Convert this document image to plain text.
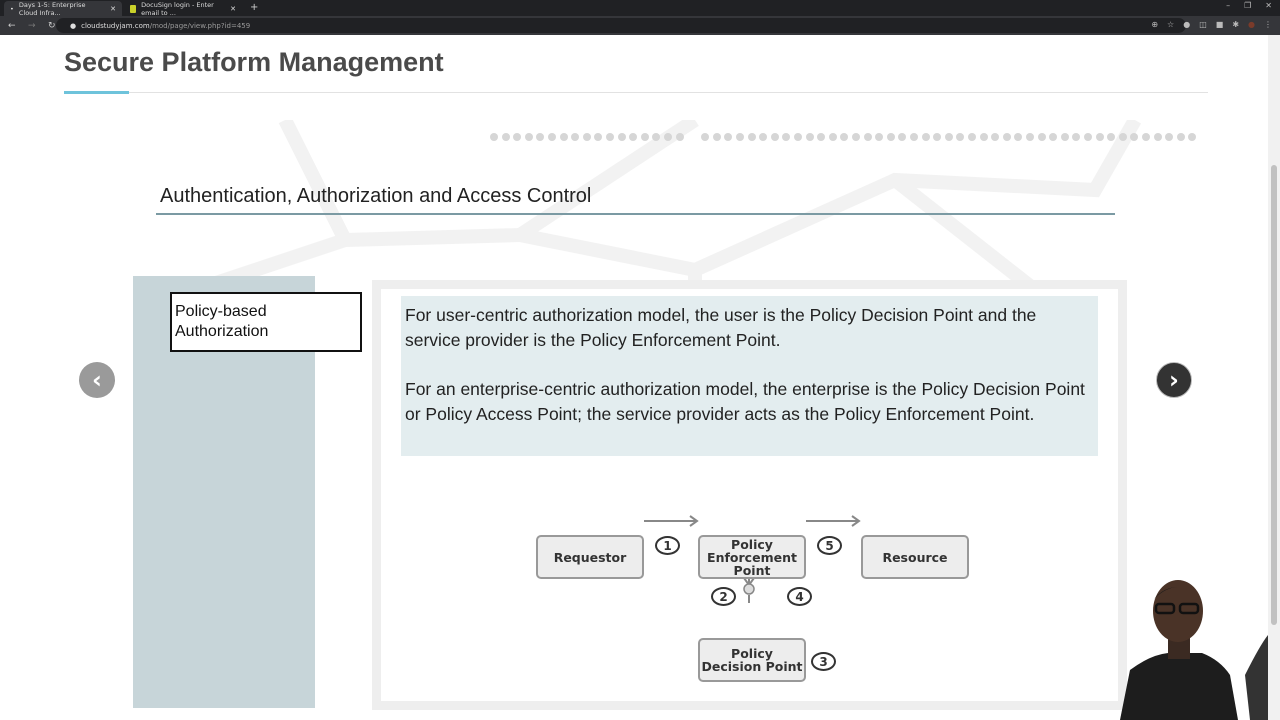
• Days 1-5: Enterprise Cloud Infra...	✕	DocuSign login - Enter email to ...	✕ +	– ❐ ✕
←	→	↻	● cloudstudyjam.com /mod/page/view.php?id=459	⊕ ☆ ● ◫ ■ ✱ ● ⋮
Secure Platform Management
Authentication, Authorization and Access Control
Policy-based Authorization

For user-centric authorization model, the user is the Policy Decision Point and the service provider is the Policy Enforcement Point.

For an enterprise-centric authorization model, the enterprise is the Policy Decision Point or Policy Access Point; the service provider acts as the Policy Enforcement Point.

‹	›
Requestor
Policy Enforcement Point
Resource
Policy Decision Point
1
2
3
4
5
